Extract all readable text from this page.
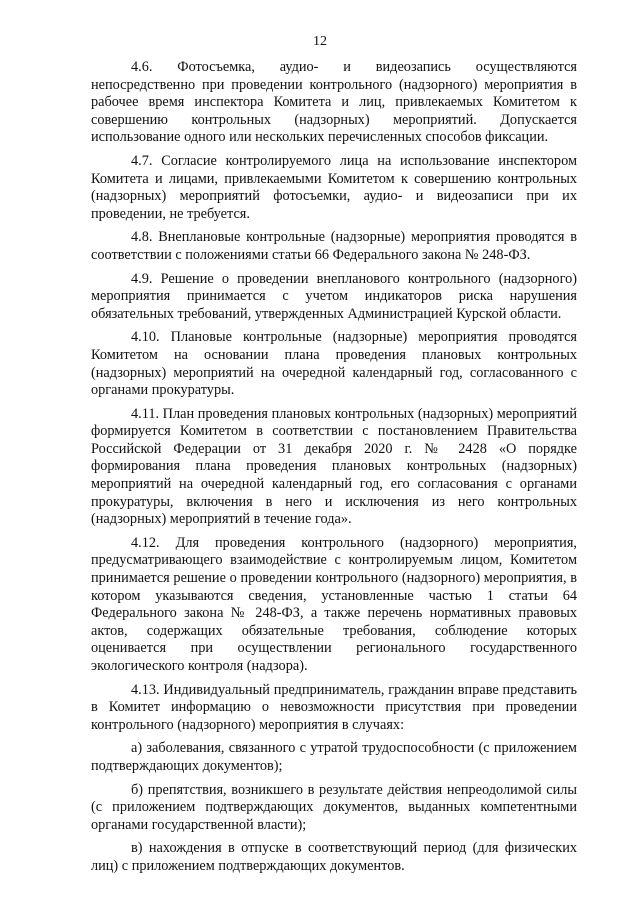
12

4.6. Фотосъемка, аудио- и видеозапись осуществляются непосредственно при проведении контрольного (надзорного) мероприятия в рабочее время инспектора Комитета и лиц, привлекаемых Комитетом к совершению контрольных (надзорных) мероприятий. Допускается использование одного или нескольких перечисленных способов фиксации.

4.7. Согласие контролируемого лица на использование инспектором Комитета и лицами, привлекаемыми Комитетом к совершению контрольных (надзорных) мероприятий фотосъемки, аудио- и видеозаписи при их проведении, не требуется.

4.8. Внеплановые контрольные (надзорные) мероприятия проводятся в соответствии с положениями статьи 66 Федерального закона № 248-ФЗ.

4.9. Решение о проведении внепланового контрольного (надзорного) мероприятия принимается с учетом индикаторов риска нарушения обязательных требований, утвержденных Администрацией Курской области.

4.10. Плановые контрольные (надзорные) мероприятия проводятся Комитетом на основании плана проведения плановых контрольных (надзорных) мероприятий на очередной календарный год, согласованного с органами прокуратуры.

4.11. План проведения плановых контрольных (надзорных) мероприятий формируется Комитетом в соответствии с постановлением Правительства Российской Федерации от 31 декабря 2020 г. № 2428 «О порядке формирования плана проведения плановых контрольных (надзорных) мероприятий на очередной календарный год, его согласования с органами прокуратуры, включения в него и исключения из него контрольных (надзорных) мероприятий в течение года».

4.12. Для проведения контрольного (надзорного) мероприятия, предусматривающего взаимодействие с контролируемым лицом, Комитетом принимается решение о проведении контрольного (надзорного) мероприятия, в котором указываются сведения, установленные частью 1 статьи 64 Федерального закона № 248-ФЗ, а также перечень нормативных правовых актов, содержащих обязательные требования, соблюдение которых оценивается при осуществлении регионального государственного экологического контроля (надзора).

4.13. Индивидуальный предприниматель, гражданин вправе представить в Комитет информацию о невозможности присутствия при проведении контрольного (надзорного) мероприятия в случаях:

а) заболевания, связанного с утратой трудоспособности (с приложением подтверждающих документов);

б) препятствия, возникшего в результате действия непреодолимой силы (с приложением подтверждающих документов, выданных компетентными органами государственной власти);

в) нахождения в отпуске в соответствующий период (для физических лиц) с приложением подтверждающих документов.
